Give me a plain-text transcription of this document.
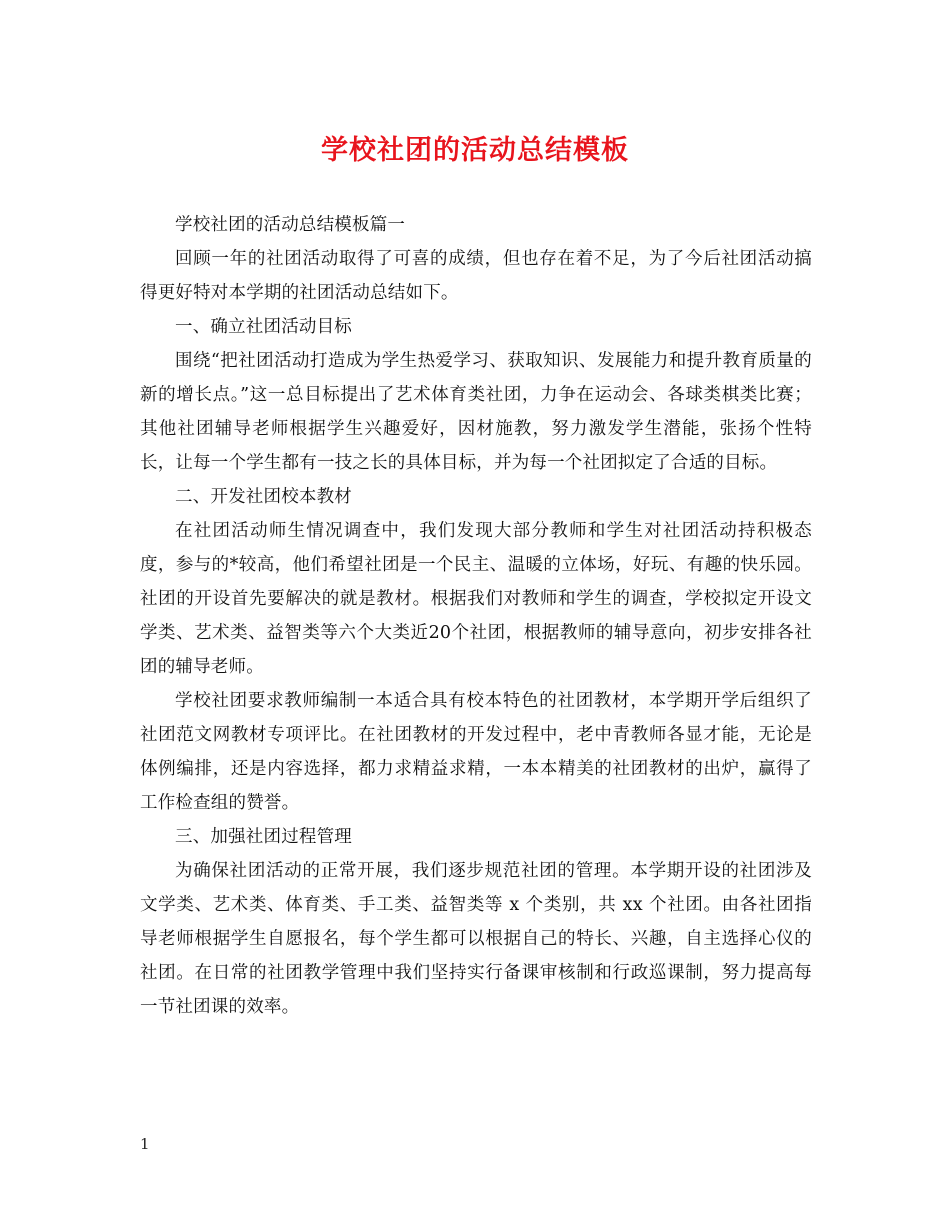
学校社团的活动总结模板

学校社团的活动总结模板篇一

回顾一年的社团活动取得了可喜的成绩，但也存在着不足，为了今后社团活动搞得更好特对本学期的社团活动总结如下。

一、确立社团活动目标

围绕“把社团活动打造成为学生热爱学习、获取知识、发展能力和提升教育质量的新的增长点。”这一总目标提出了艺术体育类社团，力争在运动会、各球类棋类比赛；其他社团辅导老师根据学生兴趣爱好，因材施教，努力激发学生潜能，张扬个性特长，让每一个学生都有一技之长的具体目标，并为每一个社团拟定了合适的目标。

二、开发社团校本教材

在社团活动师生情况调查中，我们发现大部分教师和学生对社团活动持积极态度，参与的*较高，他们希望社团是一个民主、温暖的立体场，好玩、有趣的快乐园。社团的开设首先要解决的就是教材。根据我们对教师和学生的调查，学校拟定开设文学类、艺术类、益智类等六个大类近20个社团，根据教师的辅导意向，初步安排各社团的辅导老师。

学校社团要求教师编制一本适合具有校本特色的社团教材，本学期开学后组织了社团范文网教材专项评比。在社团教材的开发过程中，老中青教师各显才能，无论是体例编排，还是内容选择，都力求精益求精，一本本精美的社团教材的出炉，赢得了工作检查组的赞誉。

三、加强社团过程管理

为确保社团活动的正常开展，我们逐步规范社团的管理。本学期开设的社团涉及文学类、艺术类、体育类、手工类、益智类等 x 个类别，共 xx 个社团。由各社团指导老师根据学生自愿报名，每个学生都可以根据自己的特长、兴趣，自主选择心仪的社团。在日常的社团教学管理中我们坚持实行备课审核制和行政巡课制，努力提高每一节社团课的效率。

1
